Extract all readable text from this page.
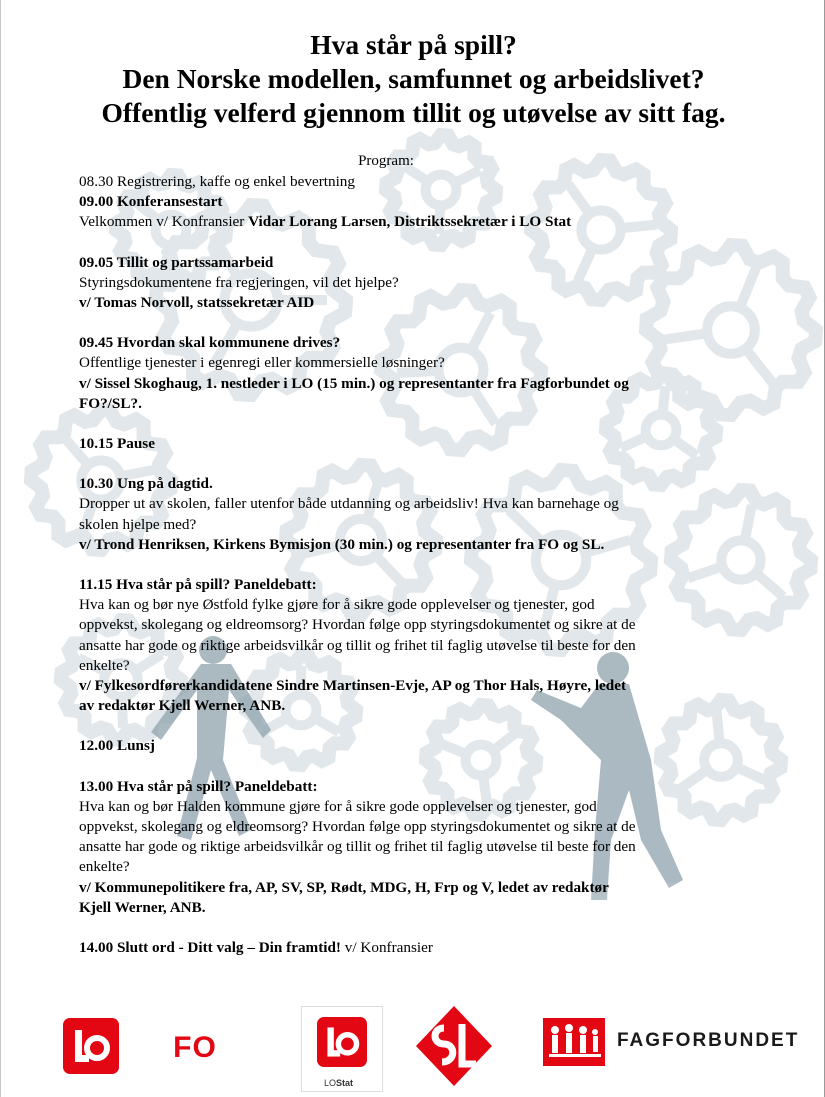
Hva står på spill?
Den Norske modellen, samfunnet og arbeidslivet?
Offentlig velferd gjennom tillit og utøvelse av sitt fag.
Program:

08.30 Registrering, kaffe og enkel bevertning

09.00 Konferansestart

Velkommen v/ Konfransier Vidar Lorang Larsen, Distriktssekretær i LO Stat

09.05 Tillit og partssamarbeid

Styringsdokumentene fra regjeringen, vil det hjelpe?

v/ Tomas Norvoll, statssekretær AID

09.45 Hvordan skal kommunene drives?

Offentlige tjenester i egenregi eller kommersielle løsninger?

v/ Sissel Skoghaug, 1. nestleder i LO (15 min.) og representanter fra Fagforbundet og

FO?/SL?.

10.15 Pause

10.30 Ung på dagtid.

Dropper ut av skolen, faller utenfor både utdanning og arbeidsliv! Hva kan barnehage og

skolen hjelpe med?

v/ Trond Henriksen, Kirkens Bymisjon (30 min.) og representanter fra FO og SL.

11.15 Hva står på spill? Paneldebatt:

Hva kan og bør nye Østfold fylke gjøre for å sikre gode opplevelser og tjenester, god

oppvekst, skolegang og eldreomsorg? Hvordan følge opp styringsdokumentet og sikre at de

ansatte har gode og riktige arbeidsvilkår og tillit og frihet til faglig utøvelse til beste for den

enkelte?

v/ Fylkesordførerkandidatene Sindre Martinsen-Evje, AP og Thor Hals, Høyre, ledet

av redaktør Kjell Werner, ANB.

12.00 Lunsj

13.00 Hva står på spill? Paneldebatt:

Hva kan og bør Halden kommune gjøre for å sikre gode opplevelser og tjenester, god

oppvekst, skolegang og eldreomsorg? Hvordan følge opp styringsdokumentet og sikre at de

ansatte har gode og riktige arbeidsvilkår og tillit og frihet til faglig utøvelse til beste for den

enkelte?

v/ Kommunepolitikere fra, AP, SV, SP, Rødt, MDG, H, Frp og V, ledet av redaktør

Kjell Werner, ANB.

14.00 Slutt ord - Ditt valg – Din framtid! v/ Konfransier

FO
LOStat
FAGFORBUNDET
